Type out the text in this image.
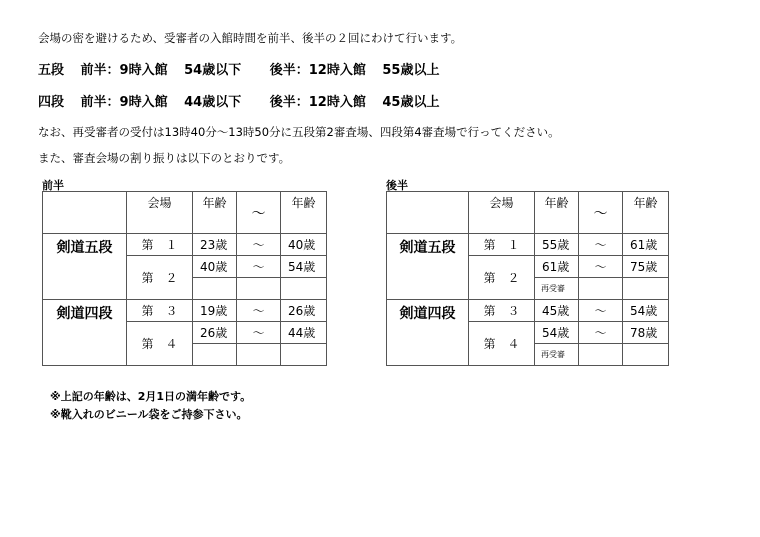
会場の密を避けるため、受審者の入館時間を前半、後半の２回にわけて行います。
五段 前半：9時入館 54歳以下 後半：12時入館 55歳以上
四段 前半：9時入館 44歳以下 後半：12時入館 45歳以上
なお、再受審者の受付は13時40分～13時50分に五段第2審査場、四段第4審査場で行ってください。
また、審査会場の割り振りは以下のとおりです。
前半
	会場	年齢	～	年齢
剣道五段	第　１	23歳	～	40歳
	第　２	40歳	～	54歳

剣道四段	第　３	19歳	～	26歳
	第　４	26歳	～	44歳

後半
	会場	年齢	～	年齢
剣道五段	第　１	55歳	～	61歳
	第　２	61歳	～	75歳
		再受審		
剣道四段	第　３	45歳	～	54歳
	第　４	54歳	～	78歳
		再受審		
※上記の年齢は、2月1日の満年齢です。
※靴入れのビニール袋をご持参下さい。
